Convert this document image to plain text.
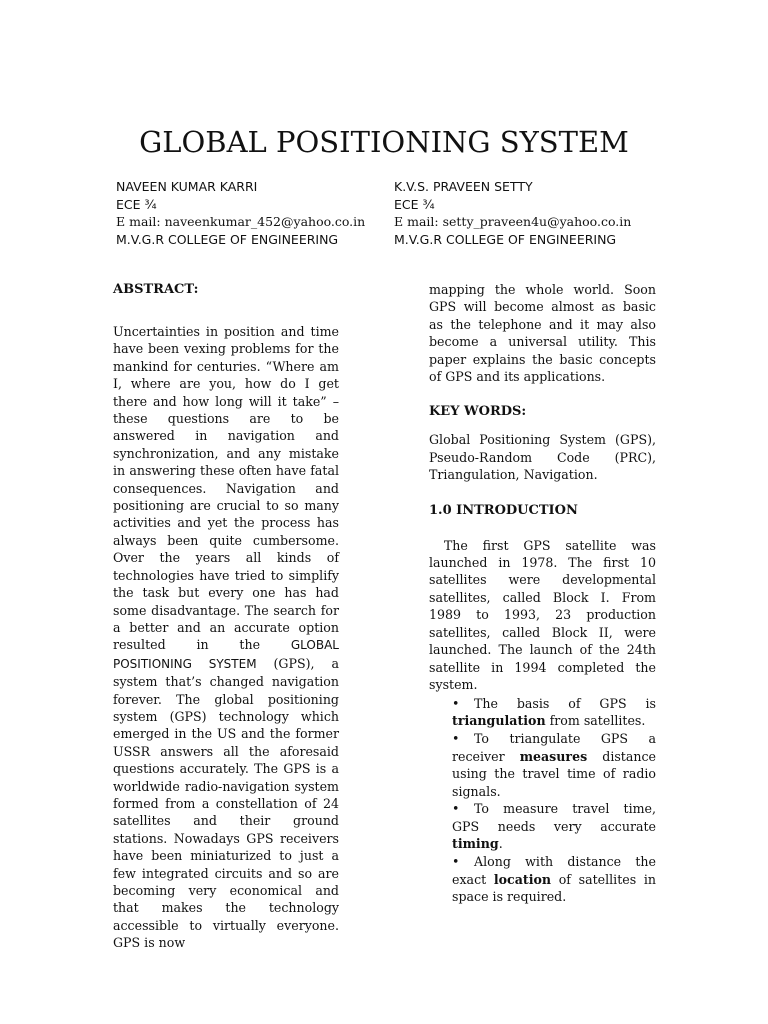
GLOBAL POSITIONING SYSTEM
NAVEEN KUMAR KARRI
ECE ¾
E mail: naveenkumar_452@yahoo.co.in
M.V.G.R COLLEGE OF ENGINEERING
K.V.S. PRAVEEN SETTY
ECE ¾
E mail: setty_praveen4u@yahoo.co.in
M.V.G.R COLLEGE OF ENGINEERING
ABSTRACT:

Uncertainties in position and time have been vexing problems for the mankind for centuries. “Where am I, where are you, how do I get there and how long will it take” – these questions are to be answered in navigation and synchronization, and any mistake in answering these often have fatal consequences. Navigation and positioning are crucial to so many activities and yet the process has always been quite cumbersome. Over the years all kinds of technologies have tried to simplify the task but every one has had some disadvantage. The search for a better and an accurate option resulted in the	GLOBAL POSITIONING SYSTEM (GPS), a system that’s changed navigation forever. The global positioning system (GPS) technology which emerged in the US and the former USSR answers all the aforesaid questions accurately. The GPS is a worldwide radio-navigation system formed from a constellation of 24 satellites and their ground stations. Nowadays GPS receivers have been miniaturized to just a few integrated circuits and so are becoming very economical and that makes the technology accessible to virtually everyone. GPS is now

mapping the whole world. Soon GPS will become almost as basic as the telephone and it may also become a universal utility. This paper explains the basic concepts of GPS and its applications.

KEY WORDS:

Global Positioning System (GPS), Pseudo-Random Code (PRC), Triangulation, Navigation.

1.0 INTRODUCTION

The first GPS satellite was launched in 1978. The first 10 satellites were developmental satellites, called Block I. From 1989 to 1993, 23 production satellites, called Block II, were launched. The launch of the 24th satellite in 1994 completed the system.

• The basis of GPS is triangulation from satellites.
• To triangulate GPS a receiver measures distance using the travel time of radio signals.
• To measure travel time, GPS needs very accurate timing.
• Along with distance the exact location of satellites in space is required.
